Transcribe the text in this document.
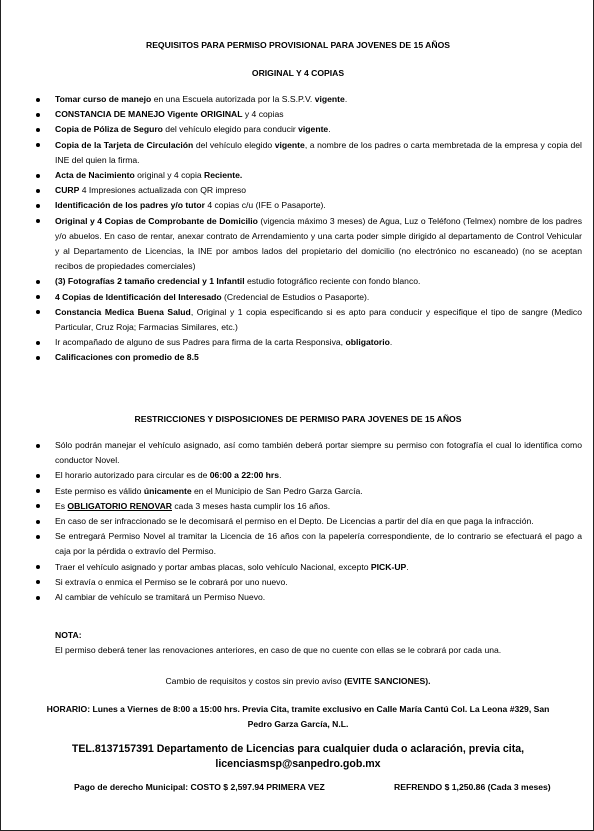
REQUISITOS PARA PERMISO PROVISIONAL PARA JOVENES DE 15 AÑOS
ORIGINAL Y 4 COPIAS
Tomar curso de manejo en una Escuela autorizada por la S.S.P.V. vigente.
CONSTANCIA DE MANEJO Vigente ORIGINAL y 4 copias
Copia de Póliza de Seguro del vehículo elegido para conducir vigente.
Copia de la Tarjeta de Circulación del vehículo elegido vigente, a nombre de los padres o carta membretada de la empresa y copia del INE del quien la firma.
Acta de Nacimiento original y 4 copia Reciente.
CURP 4 Impresiones actualizada con QR impreso
Identificación de los padres y/o tutor 4 copias c/u (IFE o Pasaporte).
Original y 4 Copias de Comprobante de Domicilio (vigencia máximo 3 meses) de Agua, Luz o Teléfono (Telmex) nombre de los padres y/o abuelos. En caso de rentar, anexar contrato de Arrendamiento y una carta poder simple dirigido al departamento de Control Vehicular y al Departamento de Licencias, la INE por ambos lados del propietario del domicilio (no electrónico no escaneado) (no se aceptan recibos de propiedades comerciales)
(3) Fotografías 2 tamaño credencial y 1 Infantil estudio fotográfico reciente con fondo blanco.
4 Copias de Identificación del Interesado (Credencial de Estudios o Pasaporte).
Constancia Medica Buena Salud, Original y 1 copia especificando si es apto para conducir y especifique el tipo de sangre (Medico Particular, Cruz Roja; Farmacias Similares, etc.)
Ir acompañado de alguno de sus Padres para firma de la carta Responsiva, obligatorio.
Calificaciones con promedio de 8.5
RESTRICCIONES Y DISPOSICIONES DE PERMISO PARA JOVENES DE 15 AÑOS
Sólo podrán manejar el vehículo asignado, así como también deberá portar siempre su permiso con fotografía el cual lo identifica como conductor Novel.
El horario autorizado para circular es de 06:00 a 22:00 hrs.
Este permiso es válido únicamente en el Municipio de San Pedro Garza García.
Es OBLIGATORIO RENOVAR cada 3 meses hasta cumplir los 16 años.
En caso de ser infraccionado se le decomisará el permiso en el Depto. De Licencias a partir del día en que paga la infracción.
Se entregará Permiso Novel al tramitar la Licencia de 16 años con la papelería correspondiente, de lo contrario se efectuará el pago a caja por la pérdida o extravío del Permiso.
Traer el vehículo asignado y portar ambas placas, solo vehículo Nacional, excepto PICK-UP.
Si extravía o enmica el Permiso se le cobrará por uno nuevo.
Al cambiar de vehículo se tramitará un Permiso Nuevo.
NOTA:
El permiso deberá tener las renovaciones anteriores, en caso de que no cuente con ellas se le cobrará por cada una.
Cambio de requisitos y costos sin previo aviso (EVITE SANCIONES).
HORARIO: Lunes a Viernes de 8:00 a 15:00 hrs. Previa Cita, tramite exclusivo en Calle María Cantú Col. La Leona #329, San
Pedro Garza García, N.L.
TEL.8137157391 Departamento de Licencias para cualquier duda o aclaración, previa cita,
licenciasmsp@sanpedro.gob.mx
Pago de derecho Municipal: COSTO $ 2,597.94 PRIMERA VEZ	REFRENDO $ 1,250.86 (Cada 3 meses)
